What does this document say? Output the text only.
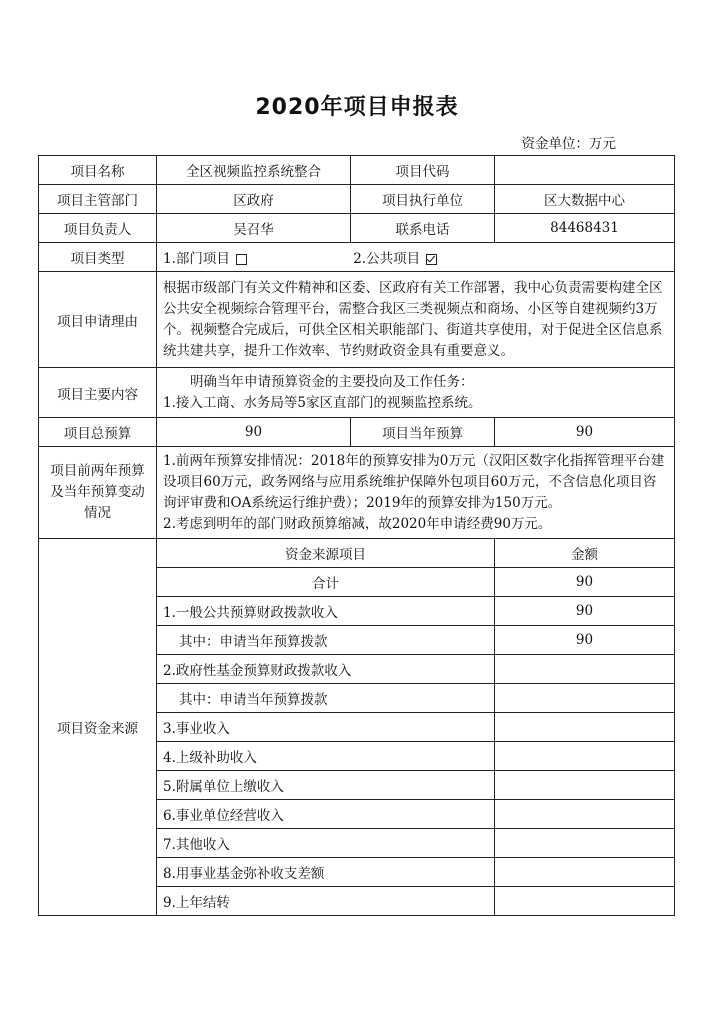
2020年项目申报表
资金单位：万元
项目名称	全区视频监控系统整合	项目代码	
项目主管部门	区政府	项目执行单位	区大数据中心
项目负责人	吴召华	联系电话	84468431
项目类型	1.部门项目 2.公共项目		
项目申请理由	根据市级部门有关文件精神和区委、区政府有关工作部署，我中心负责需要构建全区公共安全视频综合管理平台，需整合我区三类视频点和商场、小区等自建视频约3万个。视频整合完成后，可供全区相关职能部门、街道共享使用，对于促进全区信息系统共建共享，提升工作效率、节约财政资金具有重要意义。		
项目主要内容	明确当年申请预算资金的主要投向及工作任务：
1.接入工商、水务局等5家区直部门的视频监控系统。		

项目总预算	90	项目当年预算	90
项目前两年预算及当年预算变动情况	1.前两年预算安排情况：2018年的预算安排为0万元（汉阳区数字化指挥管理平台建设项目60万元，政务网络与应用系统维护保障外包项目60万元，不含信息化项目咨询评审费和OA系统运行维护费）；2019年的预算安排为150万元。
2.考虑到明年的部门财政预算缩减，故2020年申请经费90万元。		

项目资金来源	资金来源项目		金额
	合计		90
	1.一般公共预算财政拨款收入		90
	其中：申请当年预算拨款		90
	2.政府性基金预算财政拨款收入		
	其中：申请当年预算拨款		
	3.事业收入		
	4.上级补助收入		
	5.附属单位上缴收入		
	6.事业单位经营收入		
	7.其他收入		
	8.用事业基金弥补收支差额		
	9.上年结转		
